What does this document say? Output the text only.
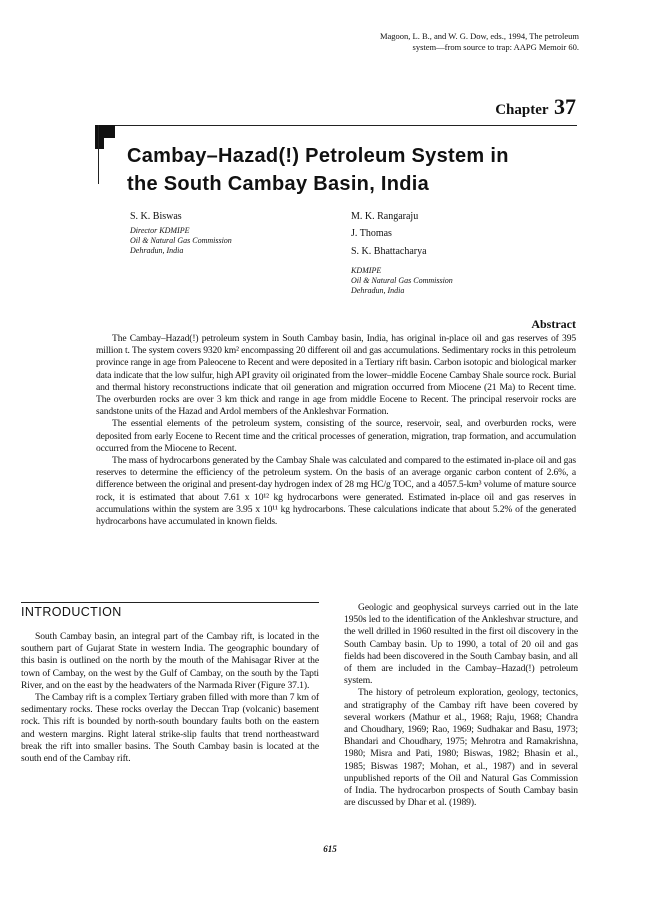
Magoon, L. B., and W. G. Dow, eds., 1994, The petroleum
system—from source to trap: AAPG Memoir 60.
Chapter 37
Cambay–Hazad(!) Petroleum System in
the South Cambay Basin, India
S. K. Biswas
Director KDMIPE
Oil & Natural Gas Commission
Dehradun, India
M. K. Rangaraju
J. Thomas
S. K. Bhattacharya
KDMIPE
Oil & Natural Gas Commission
Dehradun, India
Abstract

The Cambay–Hazad(!) petroleum system in South Cambay basin, India, has original in-place oil and gas reserves of 395 million t. The system covers 9320 km² encompassing 20 different oil and gas accumulations. Sedimentary rocks in this petroleum province range in age from Paleocene to Recent and were deposited in a Tertiary rift basin. Carbon isotopic and biological marker data indicate that the low sulfur, high API gravity oil originated from the lower–middle Eocene Cambay Shale source rock. Burial and thermal history reconstructions indicate that oil generation and migration occurred from Miocene (21 Ma) to Recent time. The overburden rocks are over 3 km thick and range in age from middle Eocene to Recent. The principal reservoir rocks are sandstone units of the Hazad and Ardol members of the Ankleshvar Formation.

The essential elements of the petroleum system, consisting of the source, reservoir, seal, and overburden rocks, were deposited from early Eocene to Recent time and the critical processes of generation, migration, trap formation, and accumulation occurred from the Miocene to Recent.

The mass of hydrocarbons generated by the Cambay Shale was calculated and compared to the estimated in-place oil and gas reserves to determine the efficiency of the petroleum system. On the basis of an average organic carbon content of 2.6%, a difference between the original and present-day hydrogen index of 28 mg HC/g TOC, and a 4057.5-km³ volume of mature source rock, it is estimated that about 7.61 x 10¹² kg hydrocarbons were generated. Estimated in-place oil and gas reserves in accumulations within the system are 3.95 x 10¹¹ kg hydrocarbons. These calculations indicate that about 5.2% of the generated hydrocarbons have accumulated in known fields.

INTRODUCTION

South Cambay basin, an integral part of the Cambay rift, is located in the southern part of Gujarat State in western India. The geographic boundary of this basin is outlined on the north by the mouth of the Mahisagar River at the town of Cambay, on the west by the Gulf of Cambay, on the south by the Tapti River, and on the east by the headwaters of the Narmada River (Figure 37.1).

The Cambay rift is a complex Tertiary graben filled with more than 7 km of sedimentary rocks. These rocks overlay the Deccan Trap (volcanic) basement rock. This rift is bounded by north-south boundary faults both on the eastern and western margins. Right lateral strike-slip faults that trend northeastward break the rift into smaller basins. The South Cambay basin is located at the south end of the Cambay rift.

Geologic and geophysical surveys carried out in the late 1950s led to the identification of the Ankleshvar structure, and the well drilled in 1960 resulted in the first oil discovery in the South Cambay basin. Up to 1990, a total of 20 oil and gas fields had been discovered in the South Cambay basin, and all of them are included in the Cambay–Hazad(!) petroleum system.

The history of petroleum exploration, geology, tectonics, and stratigraphy of the Cambay rift have been covered by several workers (Mathur et al., 1968; Raju, 1968; Chandra and Choudhary, 1969; Rao, 1969; Sudhakar and Basu, 1973; Bhandari and Choudhary, 1975; Mehrotra and Ramakrishna, 1980; Misra and Pati, 1980; Biswas, 1982; Bhasin et al., 1985; Biswas 1987; Mohan, et al., 1987) and in several unpublished reports of the Oil and Natural Gas Commission of India. The hydrocarbon prospects of South Cambay basin are discussed by Dhar et al. (1989).

615
